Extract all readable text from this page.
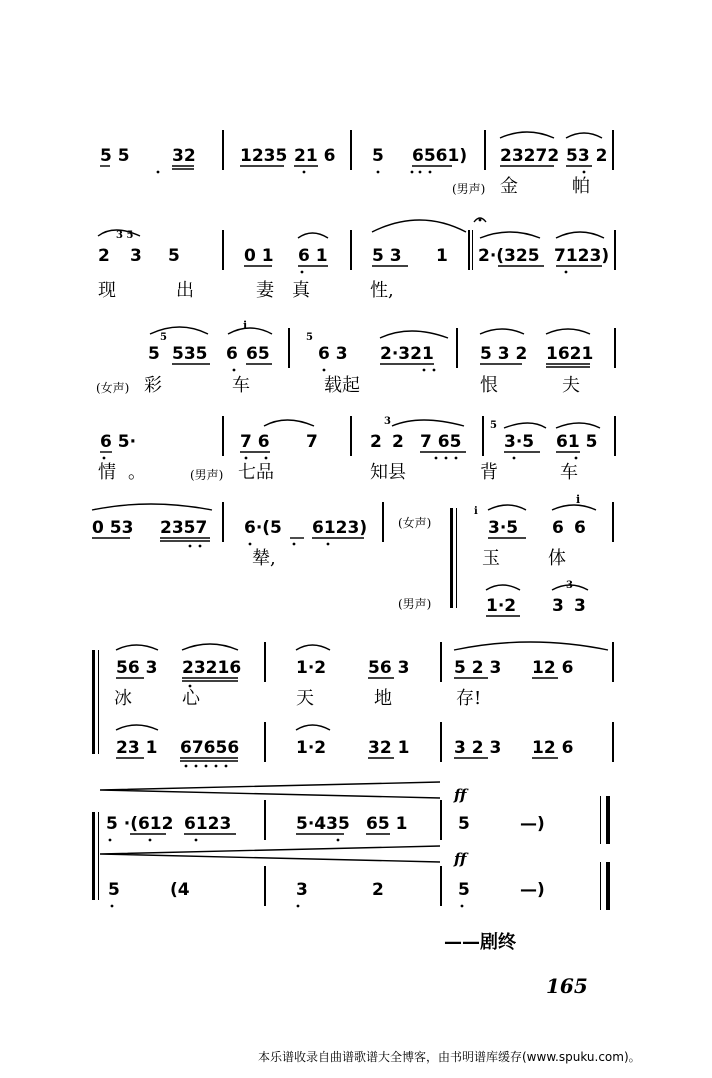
5 5 32	1235 21 6 5 6561) 23272 53 2
(男声) 金	帕
3 5
2 3 5	0 1 6 1	5 3 1 2·(325 7123)
现	出	妻 真	性,
5
i
5 535 6 65
5
6 3 2·321	5 3 2 1621
(女声) 彩	车	载起	恨	夫
6 5·	7 6 7
3
2 2 7 65
5
3·5 61 5
情 。	(男声) 七品	知县	背	车
0 53 2357 6·(5 6123)	(女声)
i
3·5
i
6 6
辇,	玉	体
(男声)	1·2
3
3 3
56 3 23216	1·2 56 3	5 2 3 12 6
冰	心	天	地	存!
23 1 67656	1·2 32 1	3 2 3 12 6
ff
5 ·(612 6123	5·435 65 1	5	—)
ff
5	(4	3	2	5	—)
——剧终
165
本乐谱收录自曲谱歌谱大全博客，由书明谱库缓存(www.spuku.com)。
